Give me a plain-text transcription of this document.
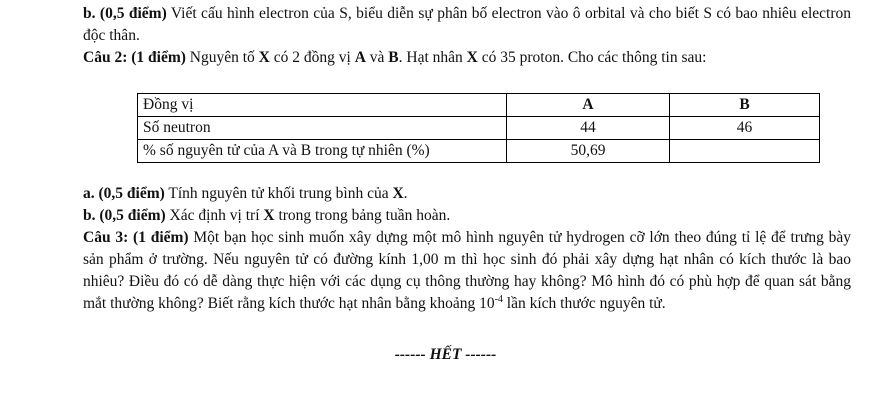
b. (0,5 điểm) Viết cấu hình electron của S, biểu diễn sự phân bố electron vào ô orbital và cho biết S có bao nhiêu electron độc thân.
Câu 2: (1 điểm) Nguyên tố X có 2 đồng vị A và B. Hạt nhân X có 35 proton. Cho các thông tin sau:
Đồng vị	A	B
Số neutron	44	46
% số nguyên tử của A và B trong tự nhiên (%)	50,69	
a. (0,5 điểm) Tính nguyên tử khối trung bình của X.
b. (0,5 điểm) Xác định vị trí X trong trong bảng tuần hoàn.
Câu 3: (1 điểm) Một bạn học sinh muốn xây dựng một mô hình nguyên tử hydrogen cỡ lớn theo đúng tỉ lệ để trưng bày sản phẩm ở trường. Nếu nguyên tử có đường kính 1,00 m thì học sinh đó phải xây dựng hạt nhân có kích thước là bao nhiêu? Điều đó có dễ dàng thực hiện với các dụng cụ thông thường hay không? Mô hình đó có phù hợp để quan sát bằng mắt thường không? Biết rằng kích thước hạt nhân bằng khoảng $10^{-4}$ lần kích thước nguyên tử.
------ HẾT ------
